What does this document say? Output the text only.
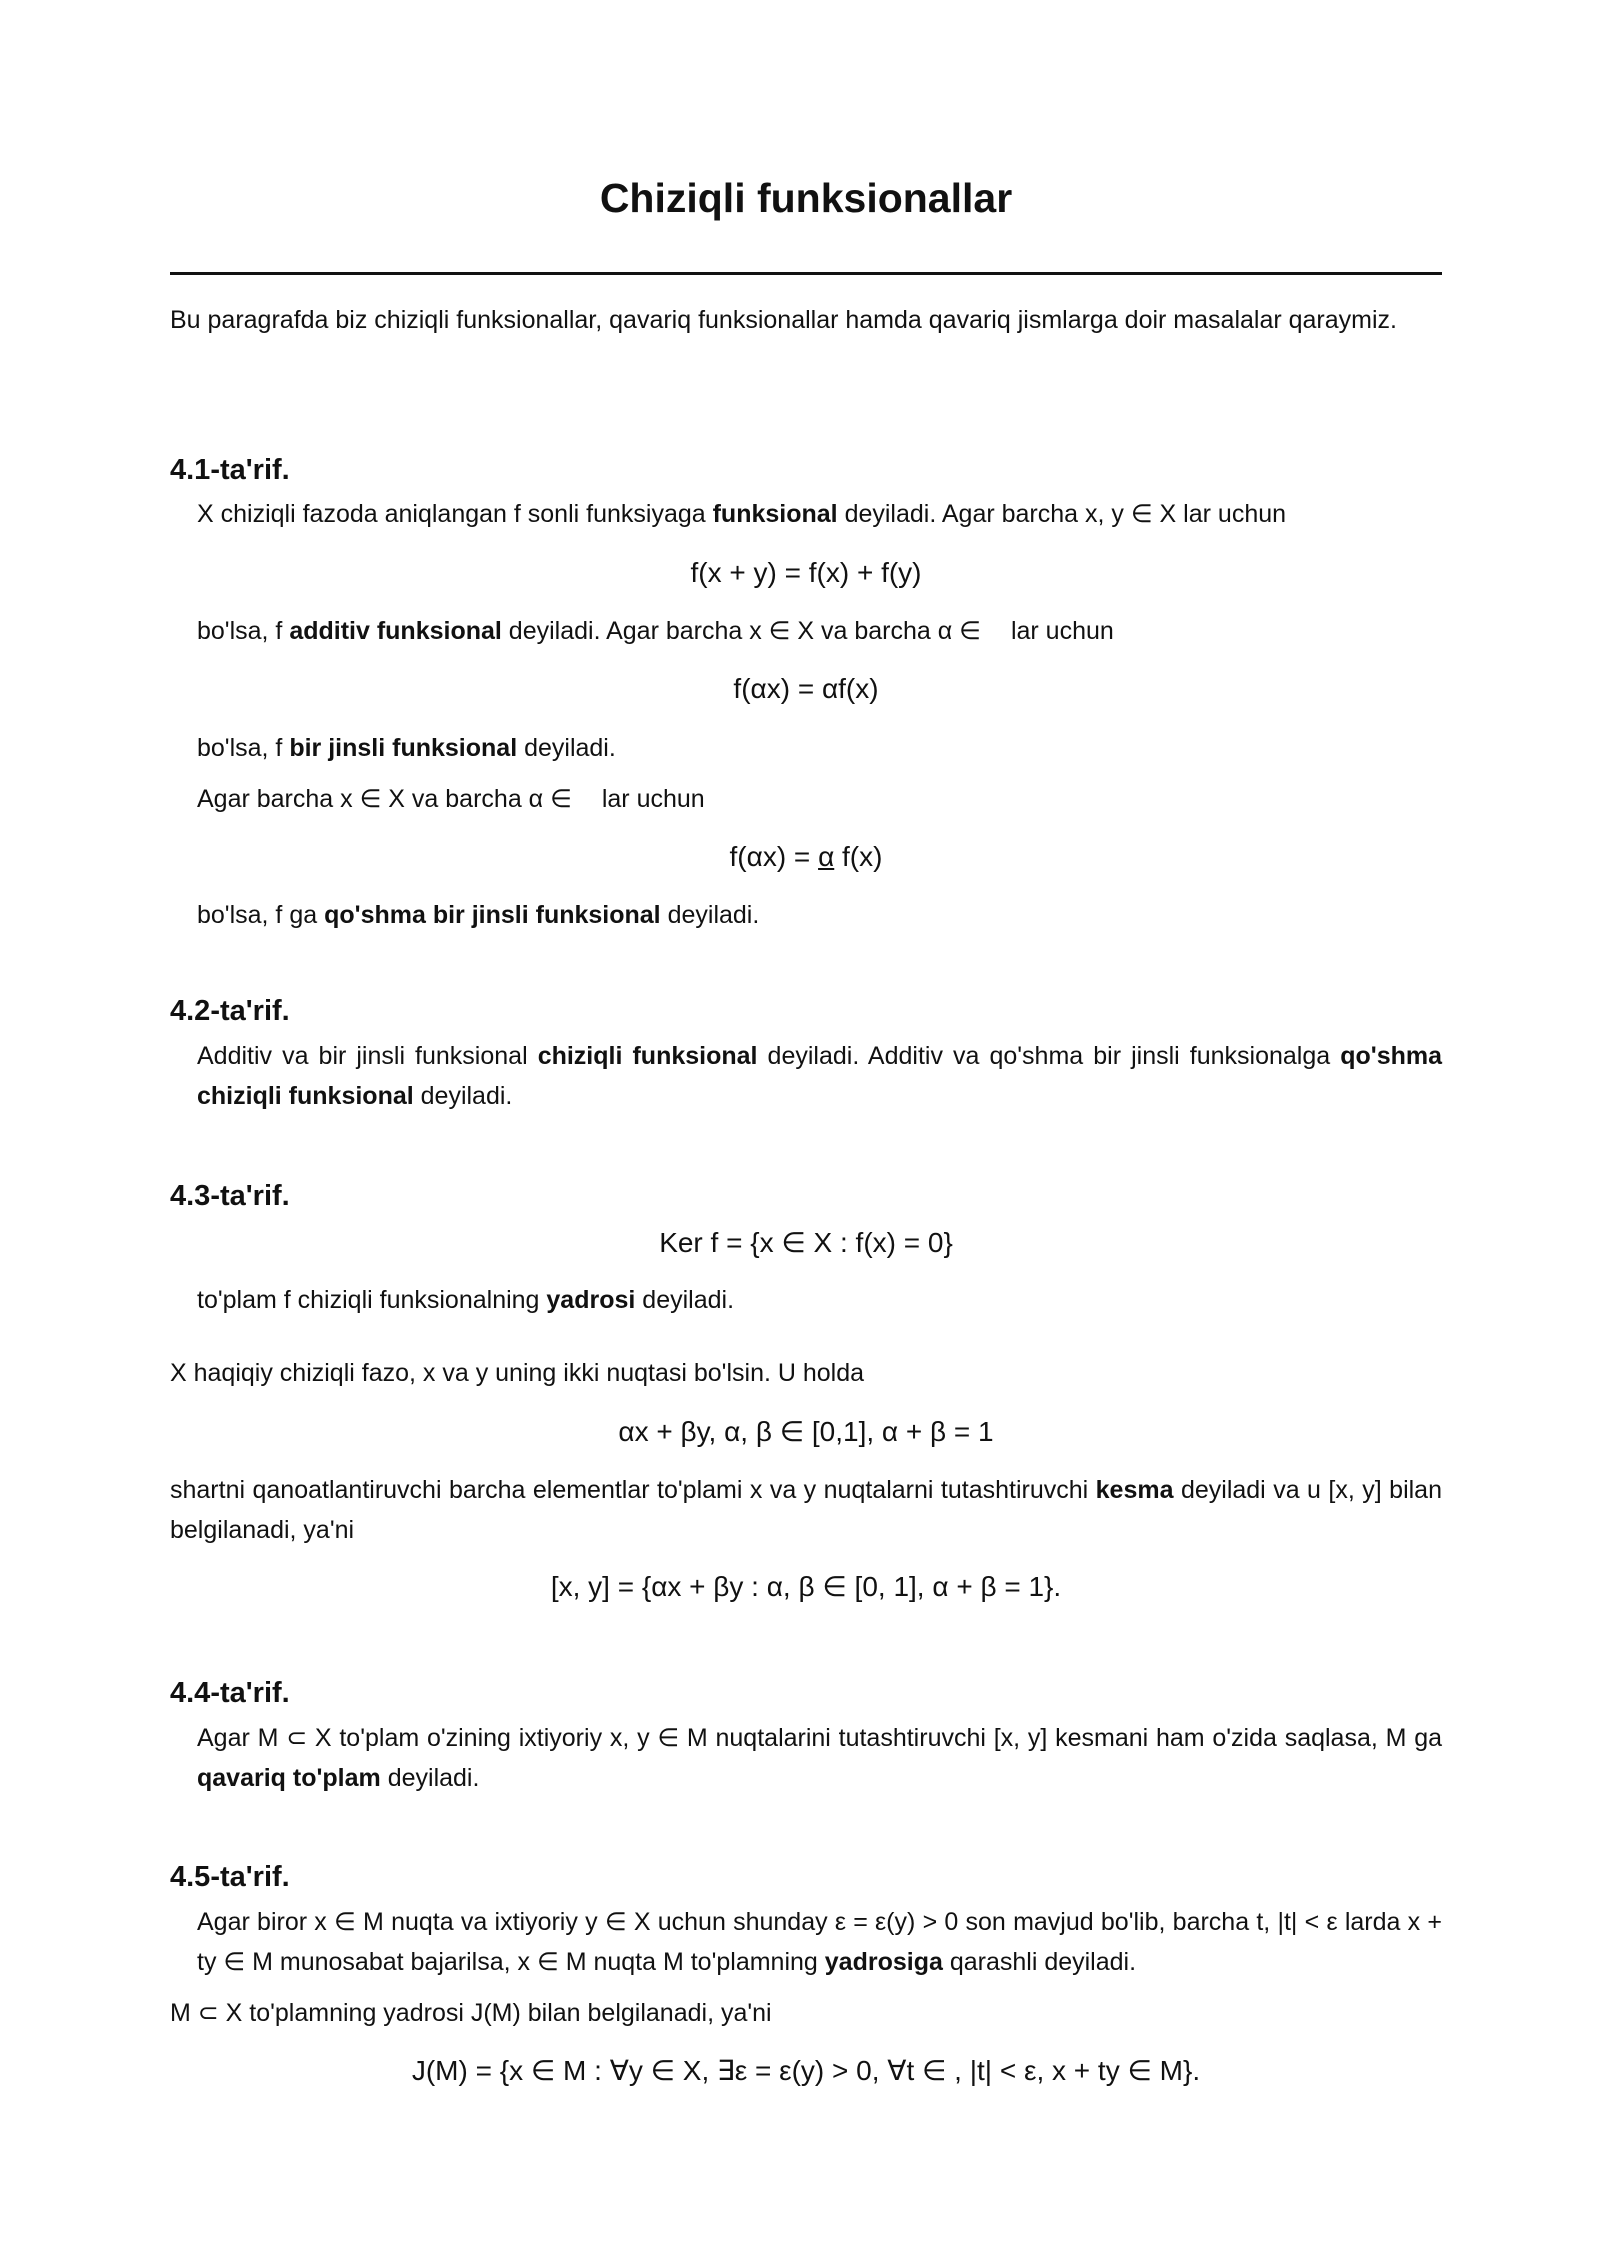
Chiziqli funksionallar
Bu paragrafda biz chiziqli funksionallar, qavariq funksionallar hamda qavariq jismlarga doir masalalar qaraymiz.
4.1-ta'rif.
X chiziqli fazoda aniqlangan f sonli funksiyaga funksional deyiladi. Agar barcha x, y ∈ X lar uchun
f(x + y) = f(x) + f(y)
bo'lsa, f additiv funksional deyiladi. Agar barcha x ∈ X va barcha α ∈ lar uchun
f(αx) = αf(x)
bo'lsa, f bir jinsli funksional deyiladi.
Agar barcha x ∈ X va barcha α ∈ lar uchun
f(αx) = α f(x)
bo'lsa, f ga qo'shma bir jinsli funksional deyiladi.
4.2-ta'rif.
Additiv va bir jinsli funksional chiziqli funksional deyiladi. Additiv va qo'shma bir jinsli funksionalga qo'shma chiziqli funksional deyiladi.
4.3-ta'rif.
Ker f = {x ∈ X : f(x) = 0}
to'plam f chiziqli funksionalning yadrosi deyiladi.
X haqiqiy chiziqli fazo, x va y uning ikki nuqtasi bo'lsin. U holda
αx + βy, α, β ∈ [0,1], α + β = 1
shartni qanoatlantiruvchi barcha elementlar to'plami x va y nuqtalarni tutashtiruvchi kesma deyiladi va u [x, y] bilan belgilanadi, ya'ni
[x, y] = {αx + βy : α, β ∈ [0, 1], α + β = 1}.
4.4-ta'rif.
Agar M ⊂ X to'plam o'zining ixtiyoriy x, y ∈ M nuqtalarini tutashtiruvchi [x, y] kesmani ham o'zida saqlasa, M ga qavariq to'plam deyiladi.
4.5-ta'rif.
Agar biror x ∈ M nuqta va ixtiyoriy y ∈ X uchun shunday ε = ε(y) > 0 son mavjud bo'lib, barcha t, |t| < ε larda x + ty ∈ M munosabat bajarilsa, x ∈ M nuqta M to'plamning yadrosiga qarashli deyiladi.
M ⊂ X to'plamning yadrosi J(M) bilan belgilanadi, ya'ni
J(M) = {x ∈ M : ∀y ∈ X, ∃ε = ε(y) > 0, ∀t ∈ , |t| < ε, x + ty ∈ M}.
